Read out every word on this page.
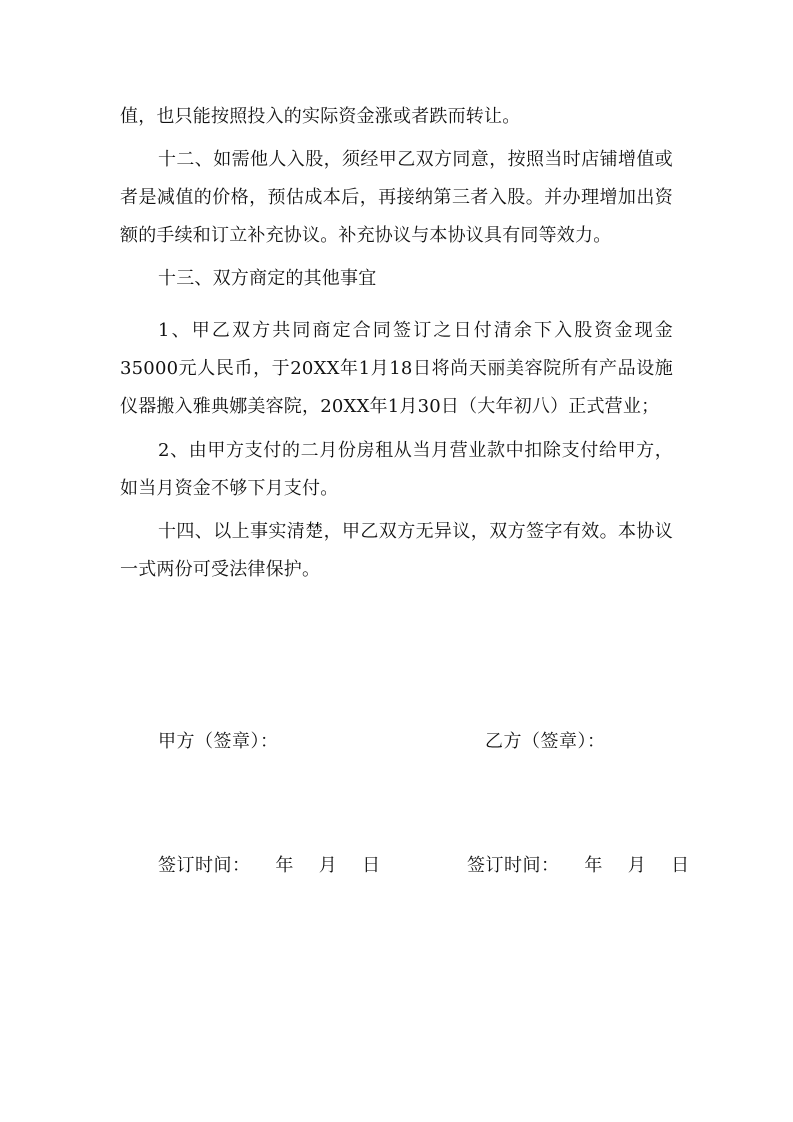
值，也只能按照投入的实际资金涨或者跌而转让。

十二、如需他人入股，须经甲乙双方同意，按照当时店铺增值或者是减值的价格，预估成本后，再接纳第三者入股。并办理增加出资额的手续和订立补充协议。补充协议与本协议具有同等效力。

十三、双方商定的其他事宜

1、甲乙双方共同商定合同签订之日付清余下入股资金现金35000元人民币，于20XX年1月18日将尚天丽美容院所有产品设施仪器搬入雅典娜美容院，20XX年1月30日（大年初八）正式营业；

2、由甲方支付的二月份房租从当月营业款中扣除支付给甲方，如当月资金不够下月支付。

十四、以上事实清楚，甲乙双方无异议，双方签字有效。本协议一式两份可受法律保护。

甲方（签章）：	乙方（签章）：

签订时间：    年    月    日	签订时间：    年    月    日
